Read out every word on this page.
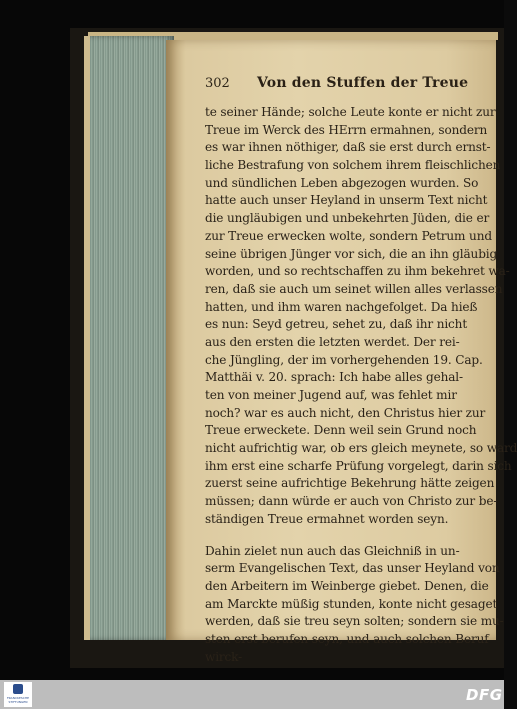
302 Von den Stuffen der Treue
te seiner Hände; solche Leute konte er nicht zur
Treue im Werck des HErrn ermahnen, sondern
es war ihnen nöthiger, daß sie erst durch ernst-
liche Bestrafung von solchem ihrem fleischlichen
und sündlichen Leben abgezogen wurden. So
hatte auch unser Heyland in unserm Text nicht
die ungläubigen und unbekehrten Jüden, die er
zur Treue erwecken wolte, sondern Petrum und
seine übrigen Jünger vor sich, die an ihn gläubig
worden, und so rechtschaffen zu ihm bekehret wa-
ren, daß sie auch um seinet willen alles verlassen
hatten, und ihm waren nachgefolget. Da hieß
es nun: Seyd getreu, sehet zu, daß ihr nicht
aus den ersten die letzten werdet. Der rei-
che Jüngling, der im vorhergehenden 19. Cap.
Matthäi v. 20. sprach: Ich habe alles gehal-
ten von meiner Jugend auf, was fehlet mir
noch? war es auch nicht, den Christus hier zur
Treue erweckete. Denn weil sein Grund noch
nicht aufrichtig war, ob ers gleich meynete, so ward
ihm erst eine scharfe Prüfung vorgelegt, darin sich
zuerst seine aufrichtige Bekehrung hätte zeigen
müssen; dann würde er auch von Christo zur be-
ständigen Treue ermahnet worden seyn.
Dahin zielet nun auch das Gleichniß in un-
serm Evangelischen Text, das unser Heyland von
den Arbeitern im Weinberge giebet. Denen, die
am Marckte müßig stunden, konte nicht gesaget
werden, daß sie treu seyn solten; sondern sie mu-
sten erst berufen seyn, und auch solchen Beruf
wirck-
FRANCKESCHE
STIFTUNGEN	DFG
